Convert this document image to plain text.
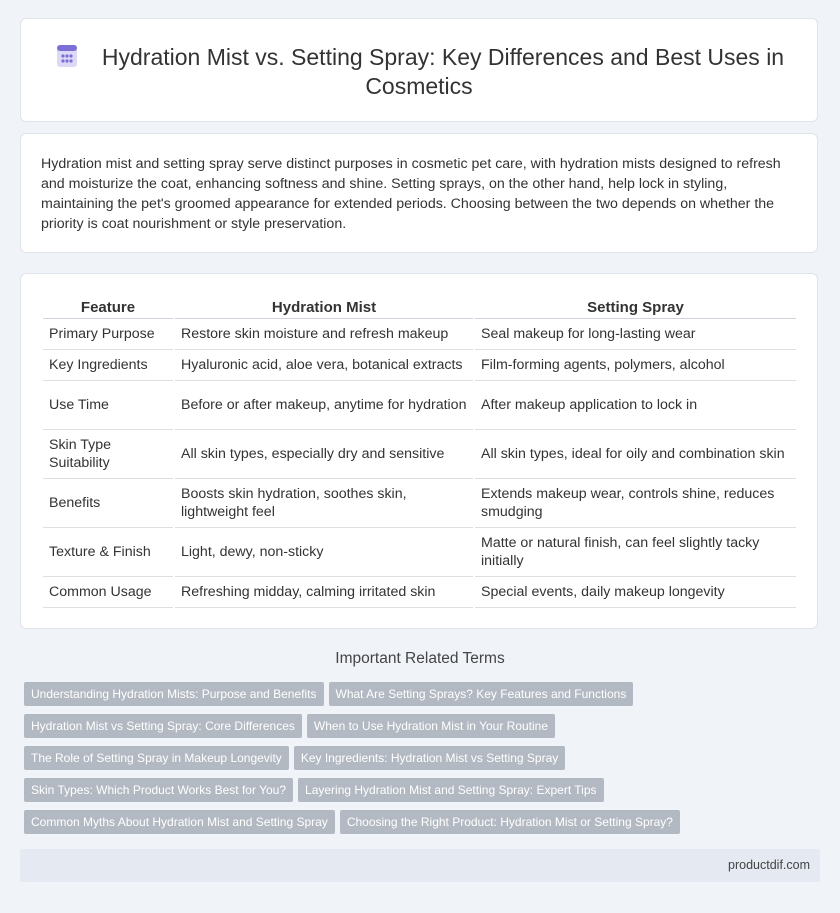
Hydration Mist vs. Setting Spray: Key Differences and Best Uses in Cosmetics
Hydration mist and setting spray serve distinct purposes in cosmetic pet care, with hydration mists designed to refresh and moisturize the coat, enhancing softness and shine. Setting sprays, on the other hand, help lock in styling, maintaining the pet's groomed appearance for extended periods. Choosing between the two depends on whether the priority is coat nourishment or style preservation.
Feature	Hydration Mist	Setting Spray
Primary Purpose	Restore skin moisture and refresh makeup	Seal makeup for long-lasting wear
Key Ingredients	Hyaluronic acid, aloe vera, botanical extracts	Film-forming agents, polymers, alcohol
Use Time	Before or after makeup, anytime for hydration	After makeup application to lock in
Skin Type Suitability	All skin types, especially dry and sensitive	All skin types, ideal for oily and combination skin
Benefits	Boosts skin hydration, soothes skin, lightweight feel	Extends makeup wear, controls shine, reduces smudging
Texture & Finish	Light, dewy, non-sticky	Matte or natural finish, can feel slightly tacky initially
Common Usage	Refreshing midday, calming irritated skin	Special events, daily makeup longevity
Important Related Terms
Understanding Hydration Mists: Purpose and Benefits What Are Setting Sprays? Key Features and Functions
Hydration Mist vs Setting Spray: Core Differences When to Use Hydration Mist in Your Routine
The Role of Setting Spray in Makeup Longevity Key Ingredients: Hydration Mist vs Setting Spray
Skin Types: Which Product Works Best for You? Layering Hydration Mist and Setting Spray: Expert Tips
Common Myths About Hydration Mist and Setting Spray Choosing the Right Product: Hydration Mist or Setting Spray?
productdif.com
